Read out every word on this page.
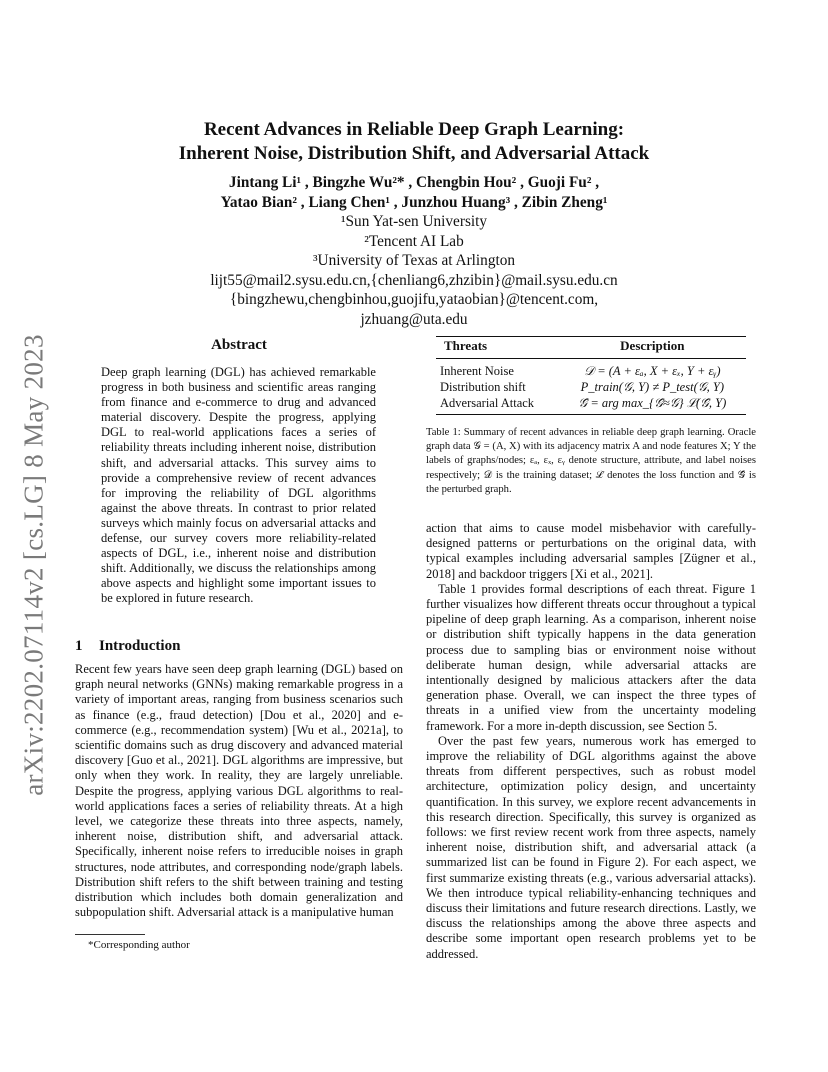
arXiv:2202.07114v2 [cs.LG] 8 May 2023
Recent Advances in Reliable Deep Graph Learning:
Inherent Noise, Distribution Shift, and Adversarial Attack
Jintang Li¹ , Bingzhe Wu²* , Chengbin Hou² , Guoji Fu² ,
Yatao Bian² , Liang Chen¹ , Junzhou Huang³ , Zibin Zheng¹
¹Sun Yat-sen University
²Tencent AI Lab
³University of Texas at Arlington
lijt55@mail2.sysu.edu.cn,{chenliang6,zhzibin}@mail.sysu.edu.cn
{bingzhewu,chengbinhou,guojifu,yataobian}@tencent.com,
jzhuang@uta.edu
Abstract
Deep graph learning (DGL) has achieved remarkable progress in both business and scientific areas ranging from finance and e-commerce to drug and advanced material discovery. Despite the progress, applying DGL to real-world applications faces a series of reliability threats including inherent noise, distribution shift, and adversarial attacks. This survey aims to provide a comprehensive review of recent advances for improving the reliability of DGL algorithms against the above threats. In contrast to prior related surveys which mainly focus on adversarial attacks and defense, our survey covers more reliability-related aspects of DGL, i.e., inherent noise and distribution shift. Additionally, we discuss the relationships among above aspects and highlight some important issues to be explored in future research.
1 Introduction

Recent few years have seen deep graph learning (DGL) based on graph neural networks (GNNs) making remarkable progress in a variety of important areas, ranging from business scenarios such as finance (e.g., fraud detection) [Dou et al., 2020] and e-commerce (e.g., recommendation system) [Wu et al., 2021a], to scientific domains such as drug discovery and advanced material discovery [Guo et al., 2021]. DGL algorithms are impressive, but only when they work. In reality, they are largely unreliable. Despite the progress, applying various DGL algorithms to real-world applications faces a series of reliability threats. At a high level, we categorize these threats into three aspects, namely, inherent noise, distribution shift, and adversarial attack. Specifically, inherent noise refers to irreducible noises in graph structures, node attributes, and corresponding node/graph labels. Distribution shift refers to the shift between training and testing distribution which includes both domain generalization and subpopulation shift. Adversarial attack is a manipulative human

*Corresponding author
Threats	Description
Inherent Noise	𝒟 = (A + εₐ, X + εₓ, Y + εᵧ)
Distribution shift	P_train(𝒢, Y) ≠ P_test(𝒢, Y)
Adversarial Attack	𝒢̂ = arg max_{𝒢̂≈𝒢} ℒ(𝒢̂, Y)
Table 1: Summary of recent advances in reliable deep graph learning. Oracle graph data 𝒢 = (A, X) with its adjacency matrix A and node features X; Y the labels of graphs/nodes; εₐ, εₓ, εᵧ denote structure, attribute, and label noises respectively; 𝒟 is the training dataset; ℒ denotes the loss function and 𝒢̂ is the perturbed graph.

action that aims to cause model misbehavior with carefully-designed patterns or perturbations on the original data, with typical examples including adversarial samples [Zügner et al., 2018] and backdoor triggers [Xi et al., 2021].

Table 1 provides formal descriptions of each threat. Figure 1 further visualizes how different threats occur throughout a typical pipeline of deep graph learning. As a comparison, inherent noise or distribution shift typically happens in the data generation process due to sampling bias or environment noise without deliberate human design, while adversarial attacks are intentionally designed by malicious attackers after the data generation phase. Overall, we can inspect the three types of threats in a unified view from the uncertainty modeling framework. For a more in-depth discussion, see Section 5.

Over the past few years, numerous work has emerged to improve the reliability of DGL algorithms against the above threats from different perspectives, such as robust model architecture, optimization policy design, and uncertainty quantification. In this survey, we explore recent advancements in this research direction. Specifically, this survey is organized as follows: we first review recent work from three aspects, namely inherent noise, distribution shift, and adversarial attack (a summarized list can be found in Figure 2). For each aspect, we first summarize existing threats (e.g., various adversarial attacks). We then introduce typical reliability-enhancing techniques and discuss their limitations and future research directions. Lastly, we discuss the relationships among the above three aspects and describe some important open research problems yet to be addressed.
